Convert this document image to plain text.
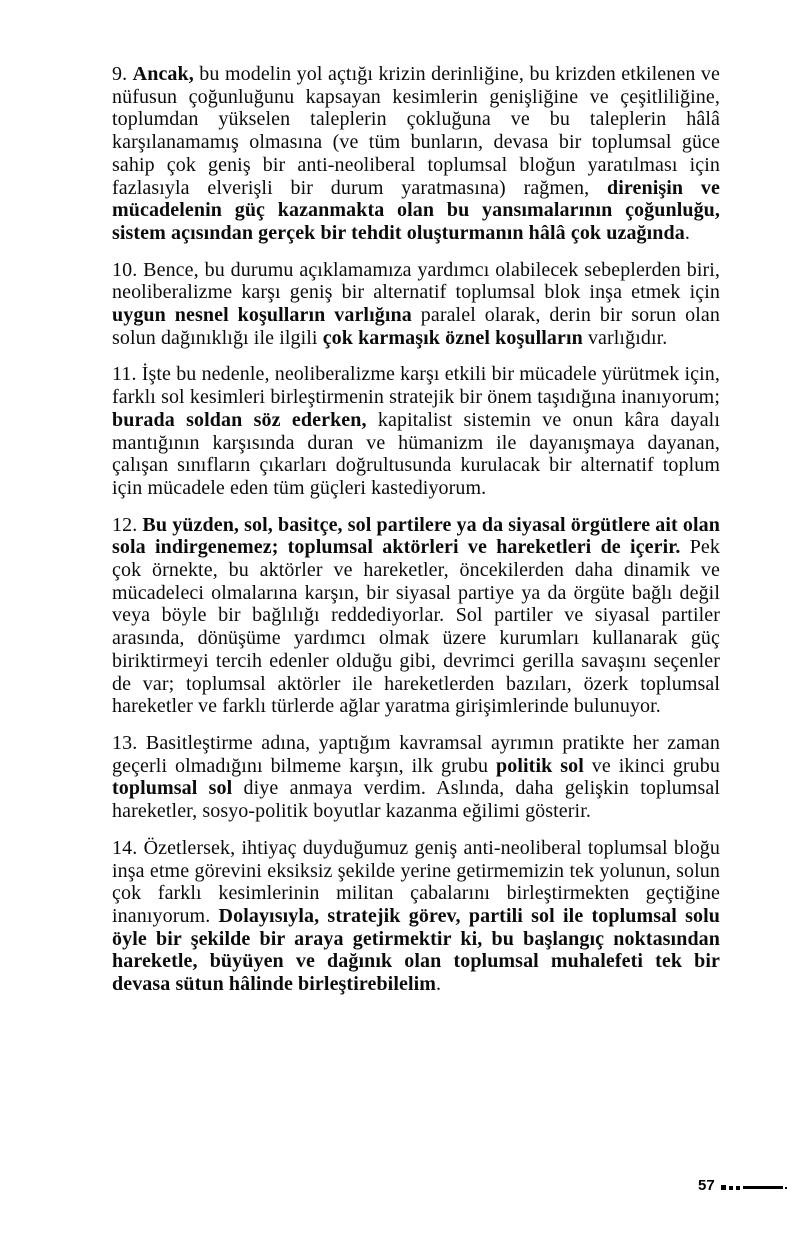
9. Ancak, bu modelin yol açtığı krizin derinliğine, bu krizden etkilenen ve nüfusun çoğunluğunu kapsayan kesimlerin genişliğine ve çeşitliliğine, toplumdan yükselen taleplerin çokluğuna ve bu taleplerin hâlâ karşılanamamış olmasına (ve tüm bunların, devasa bir toplumsal güce sahip çok geniş bir anti-neoliberal toplumsal bloğun yaratılması için fazlasıyla elverişli bir durum yaratmasına) rağmen, direnişin ve mücadelenin güç kazanmakta olan bu yansımalarının çoğunluğu, sistem açısından gerçek bir tehdit oluşturmanın hâlâ çok uzağında.

10. Bence, bu durumu açıklamamıza yardımcı olabilecek sebeplerden biri, neoliberalizme karşı geniş bir alternatif toplumsal blok inşa etmek için uygun nesnel koşulların varlığına paralel olarak, derin bir sorun olan solun dağınıklığı ile ilgili çok karmaşık öznel koşulların varlığıdır.

11. İşte bu nedenle, neoliberalizme karşı etkili bir mücadele yürütmek için, farklı sol kesimleri birleştirmenin stratejik bir önem taşıdığına inanıyorum; burada soldan söz ederken, kapitalist sistemin ve onun kâra dayalı mantığının karşısında duran ve hümanizm ile dayanışmaya dayanan, çalışan sınıfların çıkarları doğrultusunda kurulacak bir alternatif toplum için mücadele eden tüm güçleri kastediyorum.

12. Bu yüzden, sol, basitçe, sol partilere ya da siyasal örgütlere ait olan sola indirgenemez; toplumsal aktörleri ve hareketleri de içerir. Pek çok örnekte, bu aktörler ve hareketler, öncekilerden daha dinamik ve mücadeleci olmalarına karşın, bir siyasal partiye ya da örgüte bağlı değil veya böyle bir bağlılığı reddediyorlar. Sol partiler ve siyasal partiler arasında, dönüşüme yardımcı olmak üzere kurumları kullanarak güç biriktirmeyi tercih edenler olduğu gibi, devrimci gerilla savaşını seçenler de var; toplumsal aktörler ile hareketlerden bazıları, özerk toplumsal hareketler ve farklı türlerde ağlar yaratma girişimlerinde bulunuyor.

13. Basitleştirme adına, yaptığım kavramsal ayrımın pratikte her zaman geçerli olmadığını bilmeme karşın, ilk grubu politik sol ve ikinci grubu toplumsal sol diye anmaya verdim. Aslında, daha gelişkin toplumsal hareketler, sosyo-politik boyutlar kazanma eğilimi gösterir.

14. Özetlersek, ihtiyaç duyduğumuz geniş anti-neoliberal toplumsal bloğu inşa etme görevini eksiksiz şekilde yerine getirmemizin tek yolunun, solun çok farklı kesimlerinin militan çabalarını birleştirmekten geçtiğine inanıyorum. Dolayısıyla, stratejik görev, partili sol ile toplumsal solu öyle bir şekilde bir araya getirmektir ki, bu başlangıç noktasından hareketle, büyüyen ve dağınık olan toplumsal muhalefeti tek bir devasa sütun hâlinde birleştirebilelim.

57
